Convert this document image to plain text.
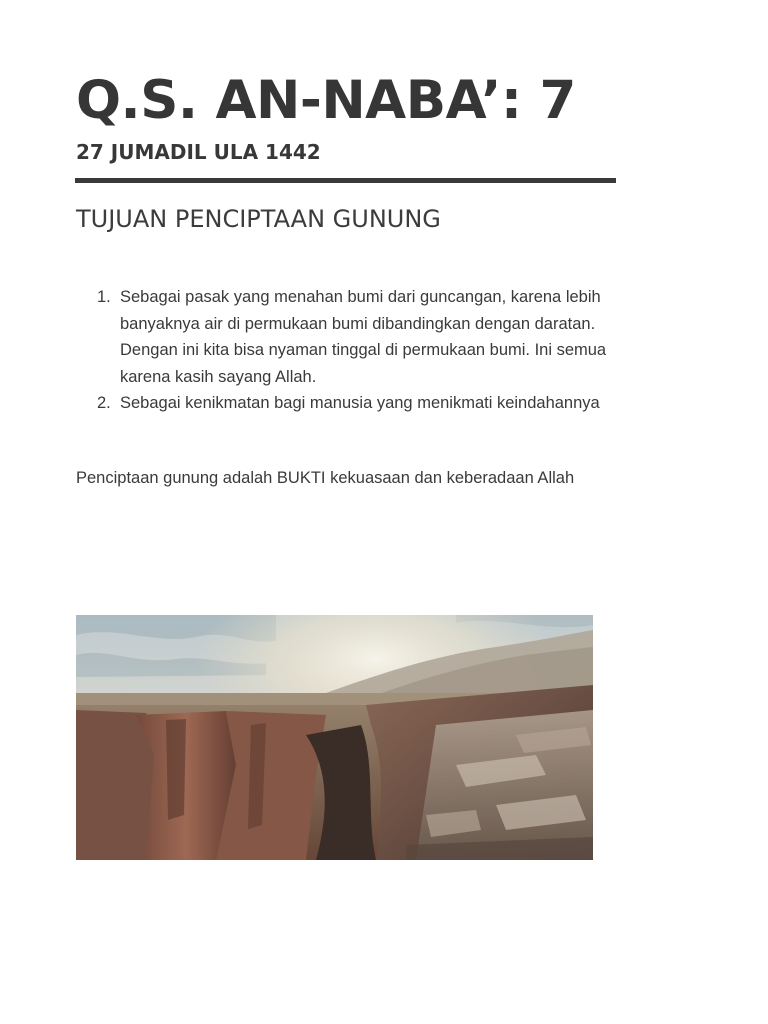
Q.S. AN-NABA’: 7
27 JUMADIL ULA 1442
TUJUAN PENCIPTAAN GUNUNG
1. Sebagai pasak yang menahan bumi dari guncangan, karena lebih banyaknya air di permukaan bumi dibandingkan dengan daratan. Dengan ini kita bisa nyaman tinggal di permukaan bumi. Ini semua karena kasih sayang Allah.
2. Sebagai kenikmatan bagi manusia yang menikmati keindahannya
Penciptaan gunung adalah BUKTI kekuasaan dan keberadaan Allah
